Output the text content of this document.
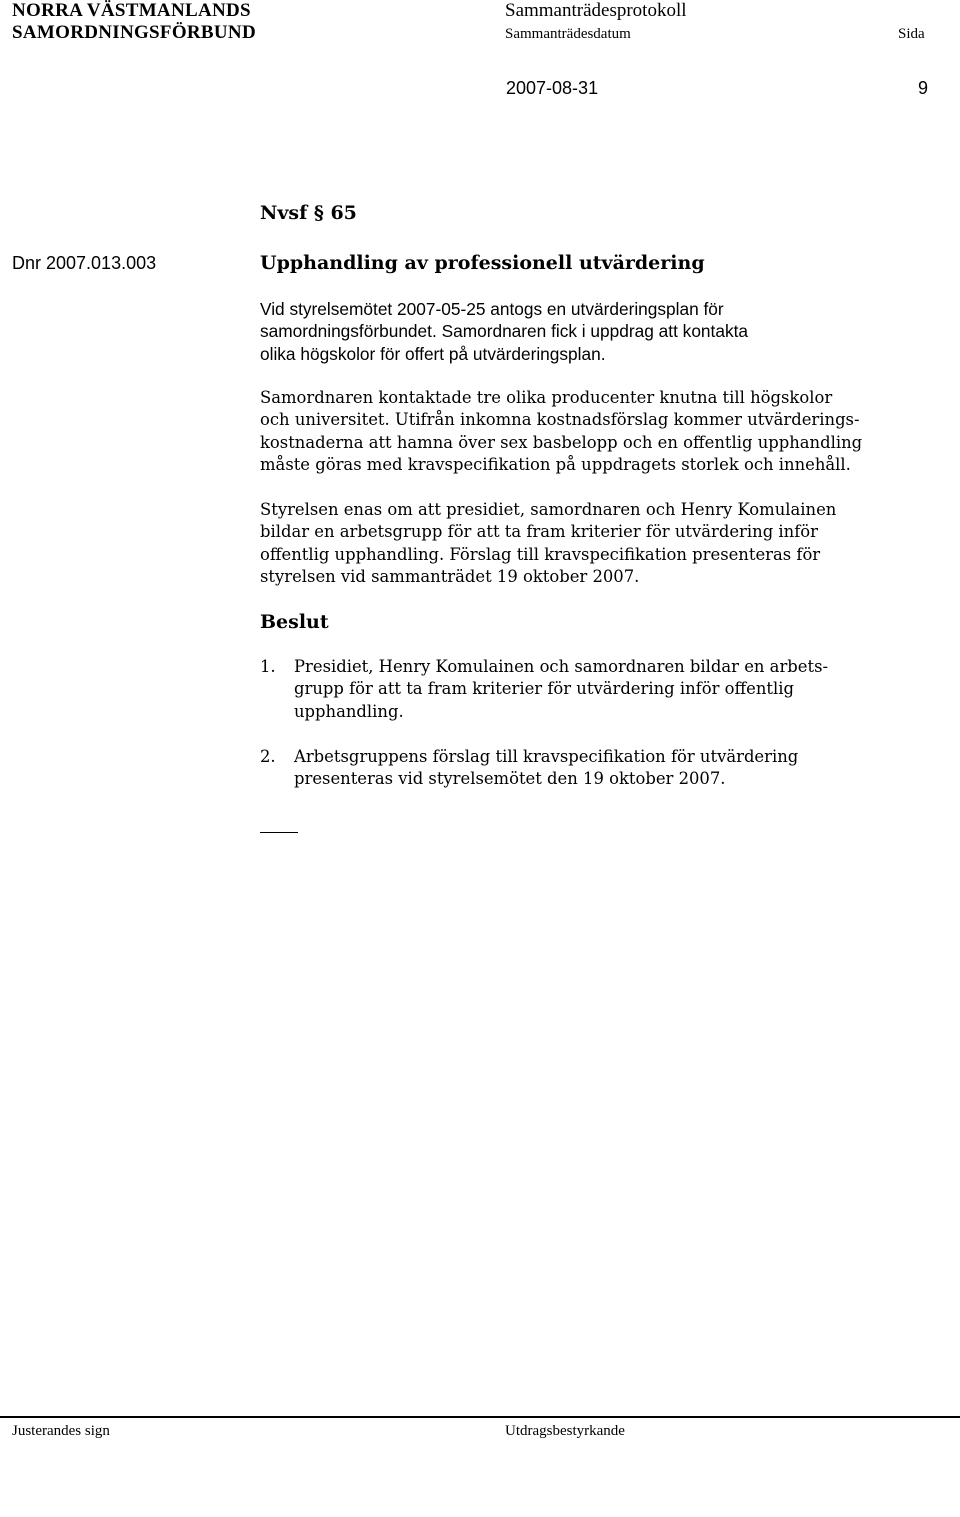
NORRA VÄSTMANLANDS
SAMORDNINGSFÖRBUND
Sammanträdesprotokoll
Sammanträdesdatum	Sida
2007-08-31	9
Nvsf § 65
Dnr 2007.013.003	Upphandling av professionell utvärdering
Vid styrelsemötet 2007-05-25 antogs en utvärderingsplan för
samordningsförbundet. Samordnaren fick i uppdrag att kontakta
olika högskolor för offert på utvärderingsplan.
Samordnaren kontaktade tre olika producenter knutna till högskolor
och universitet. Utifrån inkomna kostnadsförslag kommer utvärderings-
kostnaderna att hamna över sex basbelopp och en offentlig upphandling
måste göras med kravspecifikation på uppdragets storlek och innehåll.
Styrelsen enas om att presidiet, samordnaren och Henry Komulainen
bildar en arbetsgrupp för att ta fram kriterier för utvärdering inför
offentlig upphandling. Förslag till kravspecifikation presenteras för
styrelsen vid sammanträdet 19 oktober 2007.
Beslut
1. Presidiet, Henry Komulainen och samordnaren bildar en arbets-
grupp för att ta fram kriterier för utvärdering inför offentlig
upphandling.
2. Arbetsgruppens förslag till kravspecifikation för utvärdering
presenteras vid styrelsemötet den 19 oktober 2007.
Justerandes sign	Utdragsbestyrkande
